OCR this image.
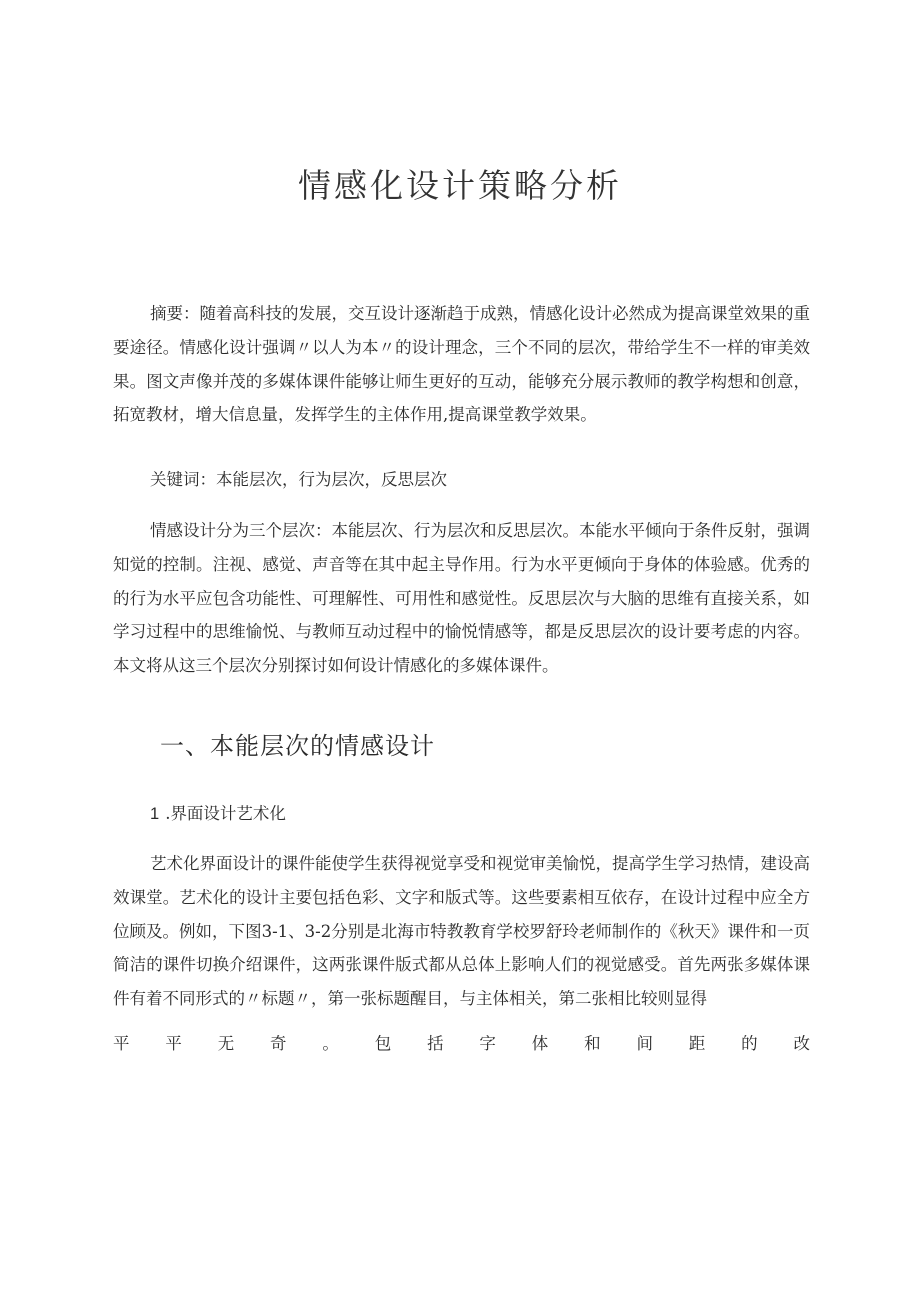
情感化设计策略分析

摘要：随着高科技的发展，交互设计逐渐趋于成熟，情感化设计必然成为提高课堂效果的重要途径。情感化设计强调〃以人为本〃的设计理念，三个不同的层次，带给学生不一样的审美效果。图文声像并茂的多媒体课件能够让师生更好的互动，能够充分展示教师的教学构想和创意，拓宽教材，增大信息量，发挥学生的主体作用,提高课堂教学效果。

关键词：本能层次，行为层次，反思层次

情感设计分为三个层次：本能层次、行为层次和反思层次。本能水平倾向于条件反射，强调知觉的控制。注视、感觉、声音等在其中起主导作用。行为水平更倾向于身体的体验感。优秀的的行为水平应包含功能性、可理解性、可用性和感觉性。反思层次与大脑的思维有直接关系，如学习过程中的思维愉悦、与教师互动过程中的愉悦情感等，都是反思层次的设计要考虑的内容。本文将从这三个层次分别探讨如何设计情感化的多媒体课件。

一、本能层次的情感设计
1 .界面设计艺术化

艺术化界面设计的课件能使学生获得视觉享受和视觉审美愉悦，提高学生学习热情，建设高效课堂。艺术化的设计主要包括色彩、文字和版式等。这些要素相互依存，在设计过程中应全方位顾及。例如，下图3-1、3-2分别是北海市特教教育学校罗舒玲老师制作的《秋天》课件和一页简洁的课件切换介绍课件，这两张课件版式都从总体上影响人们的视觉感受。首先两张多媒体课件有着不同形式的〃标题〃，第一张标题醒目，与主体相关，第二张相比较则显得

平 平 无 奇 。 包 括 字 体 和 间 距 的 改
